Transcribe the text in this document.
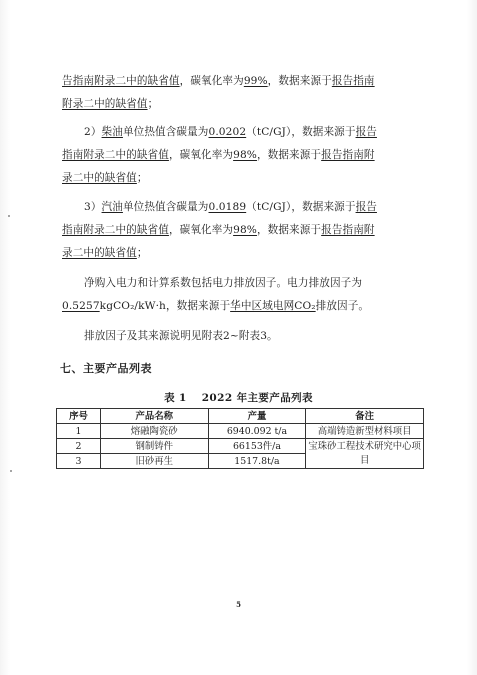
告指南附录二中的缺省值，碳氧化率为99%，数据来源于报告指南
附录二中的缺省值；
2）柴油单位热值含碳量为0.0202（tC/GJ），数据来源于报告
指南附录二中的缺省值，碳氧化率为98%，数据来源于报告指南附
录二中的缺省值；
3）汽油单位热值含碳量为0.0189（tC/GJ），数据来源于报告
指南附录二中的缺省值，碳氧化率为98%，数据来源于报告指南附
录二中的缺省值；
净购入电力和计算系数包括电力排放因子。电力排放因子为
0.5257kgCO₂/kW·h，数据来源于华中区域电网CO₂排放因子。
排放因子及其来源说明见附表2~附表3。
七、主要产品列表
表 1　 2022 年主要产品列表
序号	产品名称	产量	备注
1	熔融陶瓷砂	6940.092 t/a	高端铸造新型材料项目
2	钢制铸件	66153件/a	宝珠砂工程技术研究中心项目
3	旧砂再生	1517.8t/a	
5
